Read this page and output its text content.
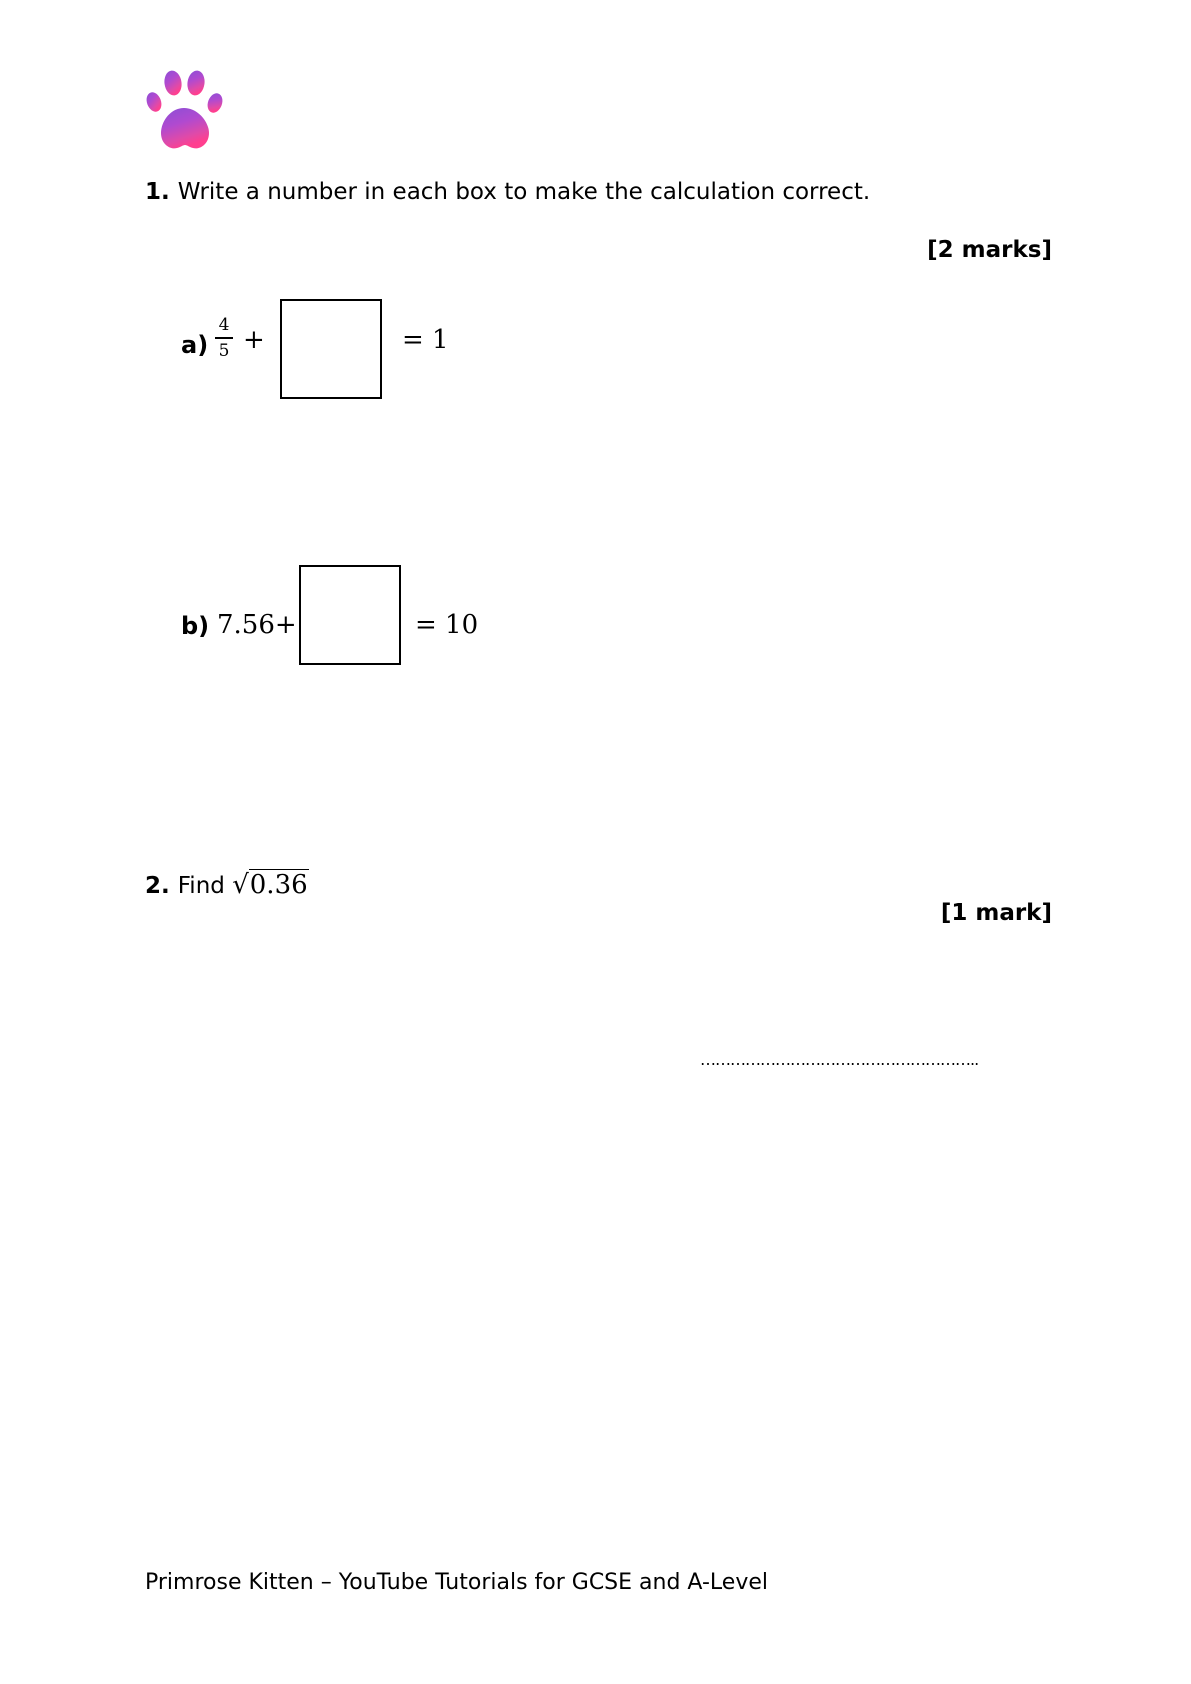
1. Write a number in each box to make the calculation correct.
[2 marks]
a)
4
5 +	= 1
b) 7.56+	= 10
2. Find √0.36
[1 mark]
………………………………………………..
Primrose Kitten – YouTube Tutorials for GCSE and A-Level
